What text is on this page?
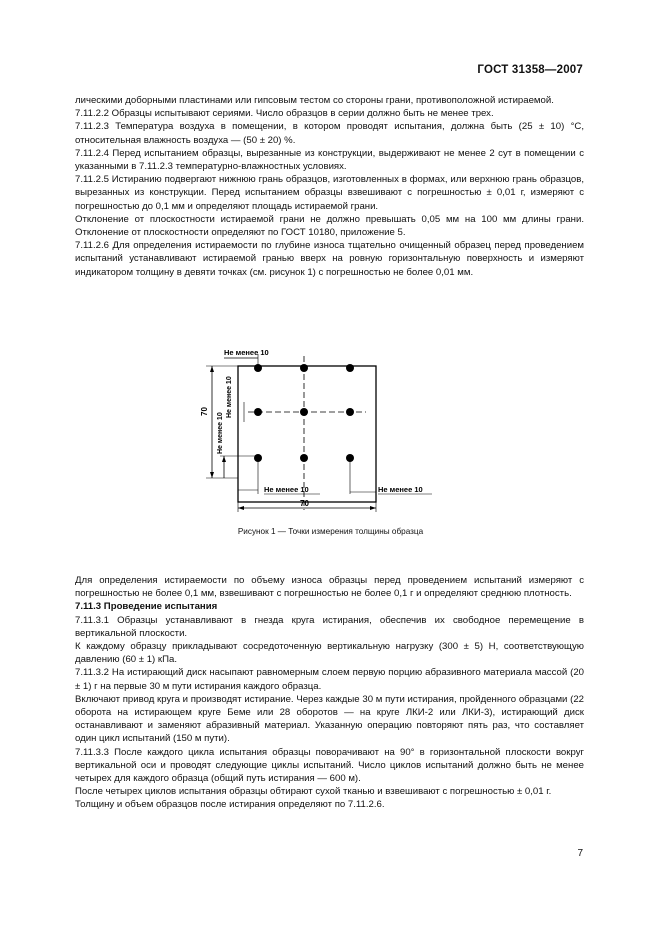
ГОСТ 31358—2007

лическими доборными пластинами или гипсовым тестом со стороны грани, противоположной истираемой.

7.11.2.2 Образцы испытывают сериями. Число образцов в серии должно быть не менее трех.

7.11.2.3 Температура воздуха в помещении, в котором проводят испытания, должна быть (25 ± 10) °С, относительная влажность воздуха — (50 ± 20) %.

7.11.2.4 Перед испытанием образцы, вырезанные из конструкции, выдерживают не менее 2 сут в помещении с указанными в 7.11.2.3 температурно-влажностных условиях.

7.11.2.5 Истиранию подвергают нижнюю грань образцов, изготовленных в формах, или верхнюю грань образцов, вырезанных из конструкции. Перед испытанием образцы взвешивают с погрешностью ± 0,01 г, измеряют с погрешностью до 0,1 мм и определяют площадь истираемой грани.

Отклонение от плоскостности истираемой грани не должно превышать 0,05 мм на 100 мм длины грани. Отклонение от плоскостности определяют по ГОСТ 10180, приложение 5.

7.11.2.6 Для определения истираемости по глубине износа тщательно очищенный образец перед проведением испытаний устанавливают истираемой гранью вверх на ровную горизонтальную поверхность и измеряют индикатором толщину в девяти точках (см. рисунок 1) с погрешностью не более 0,01 мм.

Не менее 10
70
Не менее 10
Не менее 10
Не менее 10	Не менее 10
70
Рисунок 1 — Точки измерения толщины образца

Для определения истираемости по объему износа образцы перед проведением испытаний измеряют с погрешностью не более 0,1 мм, взвешивают с погрешностью не более 0,1 г и определяют среднюю плотность.

7.11.3 Проведение испытания

7.11.3.1 Образцы устанавливают в гнезда круга истирания, обеспечив их свободное перемещение в вертикальной плоскости.

К каждому образцу прикладывают сосредоточенную вертикальную нагрузку (300 ± 5) Н, соответствующую давлению (60 ± 1) кПа.

7.11.3.2 На истирающий диск насыпают равномерным слоем первую порцию абразивного материала массой (20 ± 1) г на первые 30 м пути истирания каждого образца.

Включают привод круга и производят истирание. Через каждые 30 м пути истирания, пройденного образцами (22 оборота на истирающем круге Беме или 28 оборотов — на круге ЛКИ-2 или ЛКИ-3), истирающий диск останавливают и заменяют абразивный материал. Указанную операцию повторяют пять раз, что составляет один цикл испытаний (150 м пути).

7.11.3.3 После каждого цикла испытания образцы поворачивают на 90° в горизонтальной плоскости вокруг вертикальной оси и проводят следующие циклы испытаний. Число циклов испытаний должно быть не менее четырех для каждого образца (общий путь истирания — 600 м).

После четырех циклов испытания образцы обтирают сухой тканью и взвешивают с погрешностью ± 0,01 г.

Толщину и объем образцов после истирания определяют по 7.11.2.6.

7
